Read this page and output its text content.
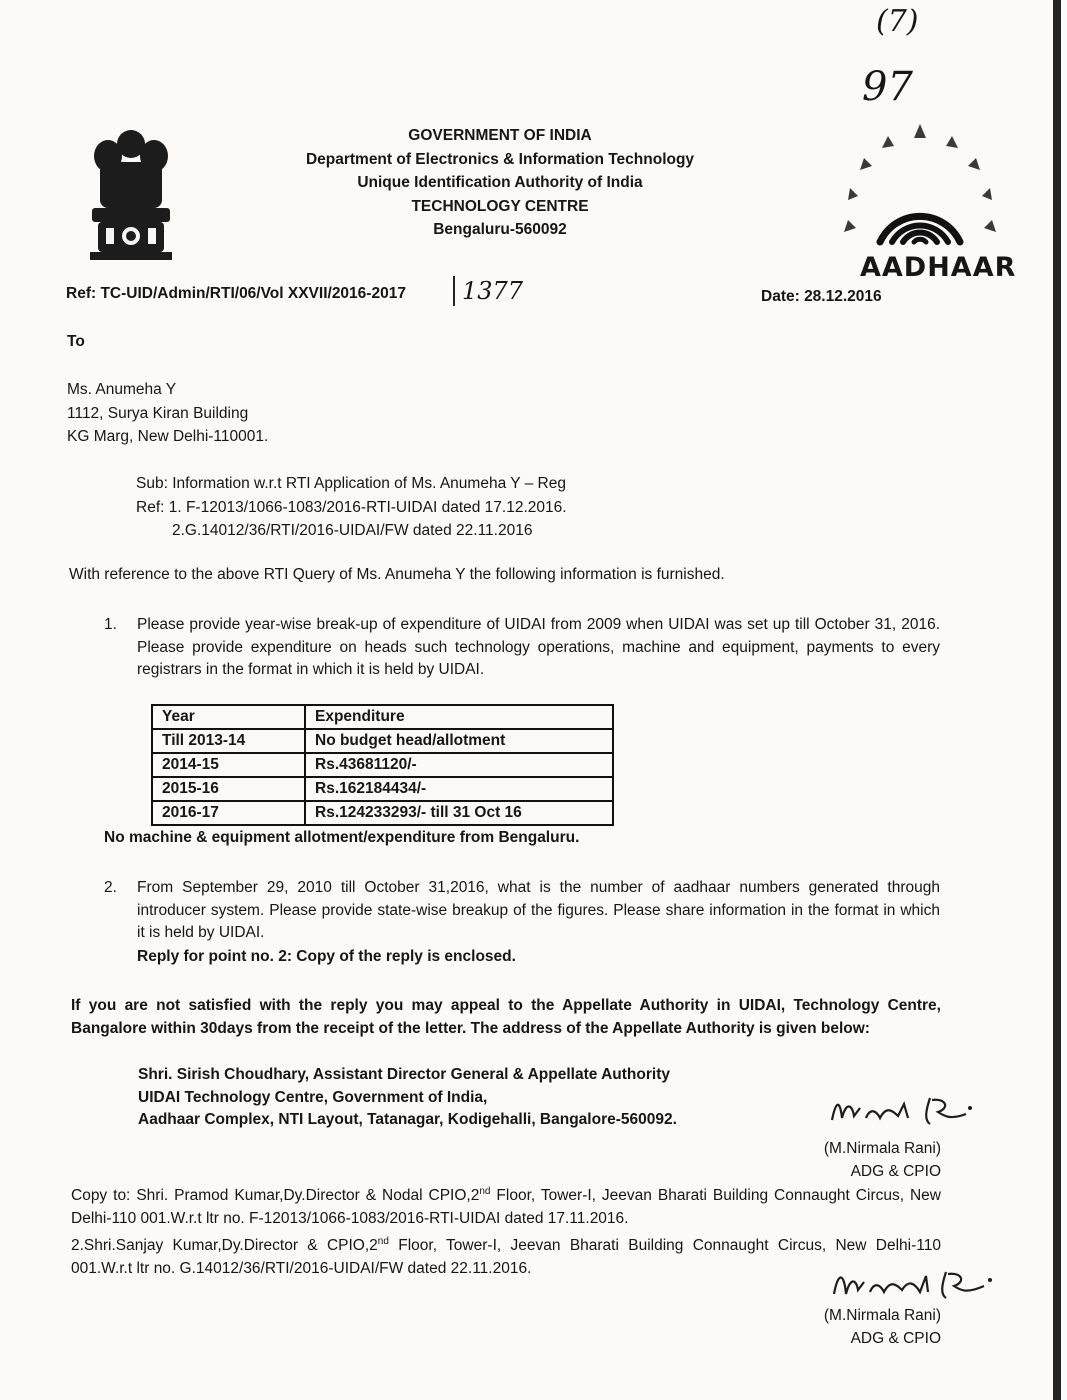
(7)
97
GOVERNMENT OF INDIA
Department of Electronics & Information Technology
Unique Identification Authority of India
TECHNOLOGY CENTRE
Bengaluru-560092
AADHAAR
Ref: TC-UID/Admin/RTI/06/Vol XXVII/2016-2017 1377	Date: 28.12.2016
To
Ms. Anumeha Y
1112, Surya Kiran Building
KG Marg, New Delhi-110001.
Sub: Information w.r.t RTI Application of Ms. Anumeha Y – Reg
Ref: 1. F-12013/1066-1083/2016-RTI-UIDAI dated 17.12.2016.
2.G.14012/36/RTI/2016-UIDAI/FW dated 22.11.2016
With reference to the above RTI Query of Ms. Anumeha Y the following information is furnished.
1. Please provide year-wise break-up of expenditure of UIDAI from 2009 when UIDAI was set up till October 31, 2016. Please provide expenditure on heads such technology operations, machine and equipment, payments to every registrars in the format in which it is held by UIDAI.
Year	Expenditure
Till 2013-14	No budget head/allotment
2014-15	Rs.43681120/-
2015-16	Rs.162184434/-
2016-17	Rs.124233293/- till 31 Oct 16
No machine & equipment allotment/expenditure from Bengaluru.
2. From September 29, 2010 till October 31,2016, what is the number of aadhaar numbers generated through introducer system. Please provide state-wise breakup of the figures. Please share information in the format in which it is held by UIDAI.
Reply for point no. 2: Copy of the reply is enclosed.
If you are not satisfied with the reply you may appeal to the Appellate Authority in UIDAI, Technology Centre, Bangalore within 30days from the receipt of the letter. The address of the Appellate Authority is given below:
Shri. Sirish Choudhary, Assistant Director General & Appellate Authority
UIDAI Technology Centre, Government of India,
Aadhaar Complex, NTI Layout, Tatanagar, Kodigehalli, Bangalore-560092.
(M.Nirmala Rani)
ADG & CPIO
Copy to: Shri. Pramod Kumar,Dy.Director & Nodal CPIO,2nd Floor, Tower-I, Jeevan Bharati Building Connaught Circus, New Delhi-110 001.W.r.t ltr no. F-12013/1066-1083/2016-RTI-UIDAI dated 17.11.2016.
2.Shri.Sanjay Kumar,Dy.Director & CPIO,2nd Floor, Tower-I, Jeevan Bharati Building Connaught Circus, New Delhi-110 001.W.r.t ltr no. G.14012/36/RTI/2016-UIDAI/FW dated 22.11.2016.
(M.Nirmala Rani)
ADG & CPIO
